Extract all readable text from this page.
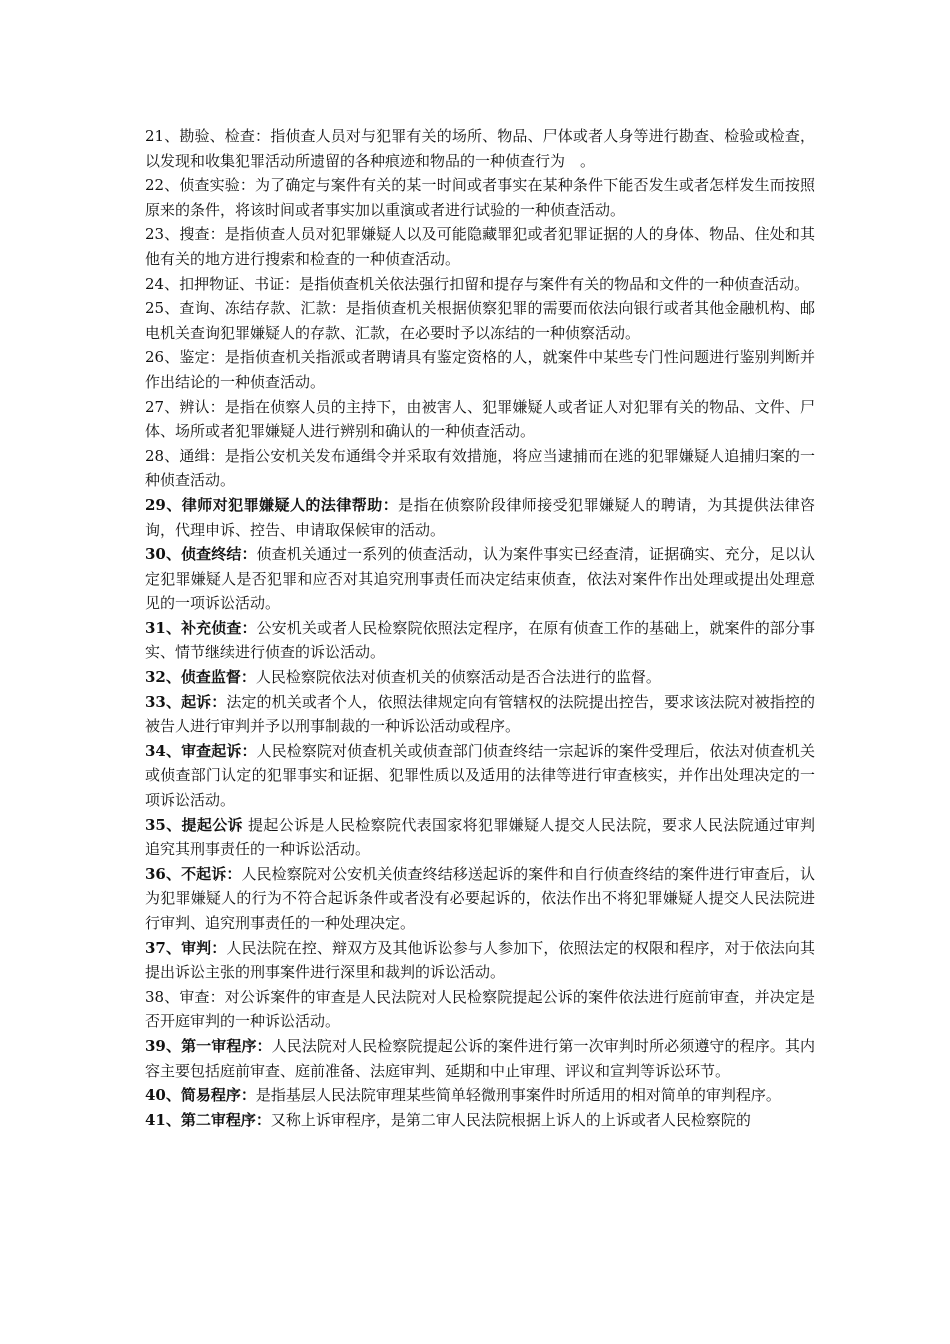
21、勘验、检查：指侦查人员对与犯罪有关的场所、物品、尸体或者人身等进行勘查、检验或检查，以发现和收集犯罪活动所遗留的各种痕迹和物品的一种侦查行为　。

22、侦查实验：为了确定与案件有关的某一时间或者事实在某种条件下能否发生或者怎样发生而按照原来的条件，将该时间或者事实加以重演或者进行试验的一种侦查活动。

23、搜查：是指侦查人员对犯罪嫌疑人以及可能隐藏罪犯或者犯罪证据的人的身体、物品、住处和其他有关的地方进行搜索和检查的一种侦查活动。

24、扣押物证、书证：是指侦查机关依法强行扣留和提存与案件有关的物品和文件的一种侦查活动。

25、查询、冻结存款、汇款：是指侦查机关根据侦察犯罪的需要而依法向银行或者其他金融机构、邮电机关查询犯罪嫌疑人的存款、汇款，在必要时予以冻结的一种侦察活动。

26、鉴定：是指侦查机关指派或者聘请具有鉴定资格的人，就案件中某些专门性问题进行鉴别判断并作出结论的一种侦查活动。

27、辨认：是指在侦察人员的主持下，由被害人、犯罪嫌疑人或者证人对犯罪有关的物品、文件、尸体、场所或者犯罪嫌疑人进行辨别和确认的一种侦查活动。

28、通缉：是指公安机关发布通缉令并采取有效措施，将应当逮捕而在逃的犯罪嫌疑人追捕归案的一种侦查活动。

29、律师对犯罪嫌疑人的法律帮助：是指在侦察阶段律师接受犯罪嫌疑人的聘请，为其提供法律咨询，代理申诉、控告、申请取保候审的活动。

30、侦查终结：侦查机关通过一系列的侦查活动，认为案件事实已经查清，证据确实、充分，足以认定犯罪嫌疑人是否犯罪和应否对其追究刑事责任而决定结束侦查，依法对案件作出处理或提出处理意见的一项诉讼活动。

31、补充侦查：公安机关或者人民检察院依照法定程序，在原有侦查工作的基础上，就案件的部分事实、情节继续进行侦查的诉讼活动。

32、侦查监督：人民检察院依法对侦查机关的侦察活动是否合法进行的监督。

33、起诉：法定的机关或者个人，依照法律规定向有管辖权的法院提出控告，要求该法院对被指控的被告人进行审判并予以刑事制裁的一种诉讼活动或程序。

34、审查起诉：人民检察院对侦查机关或侦查部门侦查终结一宗起诉的案件受理后，依法对侦查机关或侦查部门认定的犯罪事实和证据、犯罪性质以及适用的法律等进行审查核实，并作出处理决定的一项诉讼活动。

35、提起公诉 提起公诉是人民检察院代表国家将犯罪嫌疑人提交人民法院，要求人民法院通过审判追究其刑事责任的一种诉讼活动。

36、不起诉：人民检察院对公安机关侦查终结移送起诉的案件和自行侦查终结的案件进行审查后，认为犯罪嫌疑人的行为不符合起诉条件或者没有必要起诉的，依法作出不将犯罪嫌疑人提交人民法院进行审判、追究刑事责任的一种处理决定。

37、审判：人民法院在控、辩双方及其他诉讼参与人参加下，依照法定的权限和程序，对于依法向其提出诉讼主张的刑事案件进行深里和裁判的诉讼活动。

38、审查：对公诉案件的审查是人民法院对人民检察院提起公诉的案件依法进行庭前审查，并决定是否开庭审判的一种诉讼活动。

39、第一审程序：人民法院对人民检察院提起公诉的案件进行第一次审判时所必须遵守的程序。其内容主要包括庭前审查、庭前准备、法庭审判、延期和中止审理、评议和宣判等诉讼环节。

40、简易程序：是指基层人民法院审理某些简单轻微刑事案件时所适用的相对简单的审判程序。

41、第二审程序：又称上诉审程序，是第二审人民法院根据上诉人的上诉或者人民检察院的
